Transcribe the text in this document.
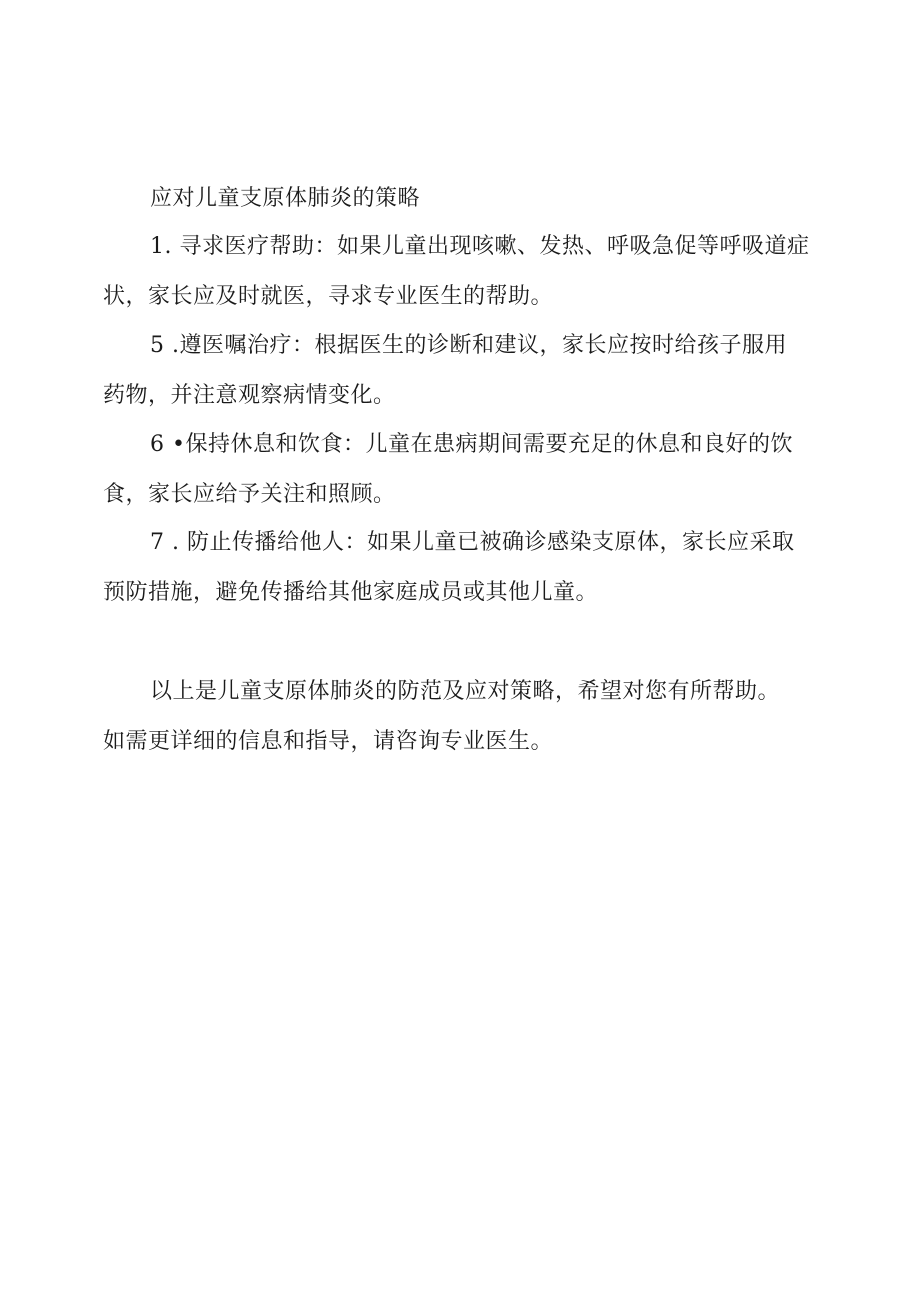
应对儿童支原体肺炎的策略
1. 寻求医疗帮助：如果儿童出现咳嗽、发热、呼吸急促等呼吸道症
状，家长应及时就医，寻求专业医生的帮助。
5 .遵医嘱治疗：根据医生的诊断和建议，家长应按时给孩子服用
药物，并注意观察病情变化。
6 •保持休息和饮食：儿童在患病期间需要充足的休息和良好的饮
食，家长应给予关注和照顾。
7 . 防止传播给他人：如果儿童已被确诊感染支原体，家长应采取
预防措施，避免传播给其他家庭成员或其他儿童。
以上是儿童支原体肺炎的防范及应对策略，希望对您有所帮助。
如需更详细的信息和指导，请咨询专业医生。
